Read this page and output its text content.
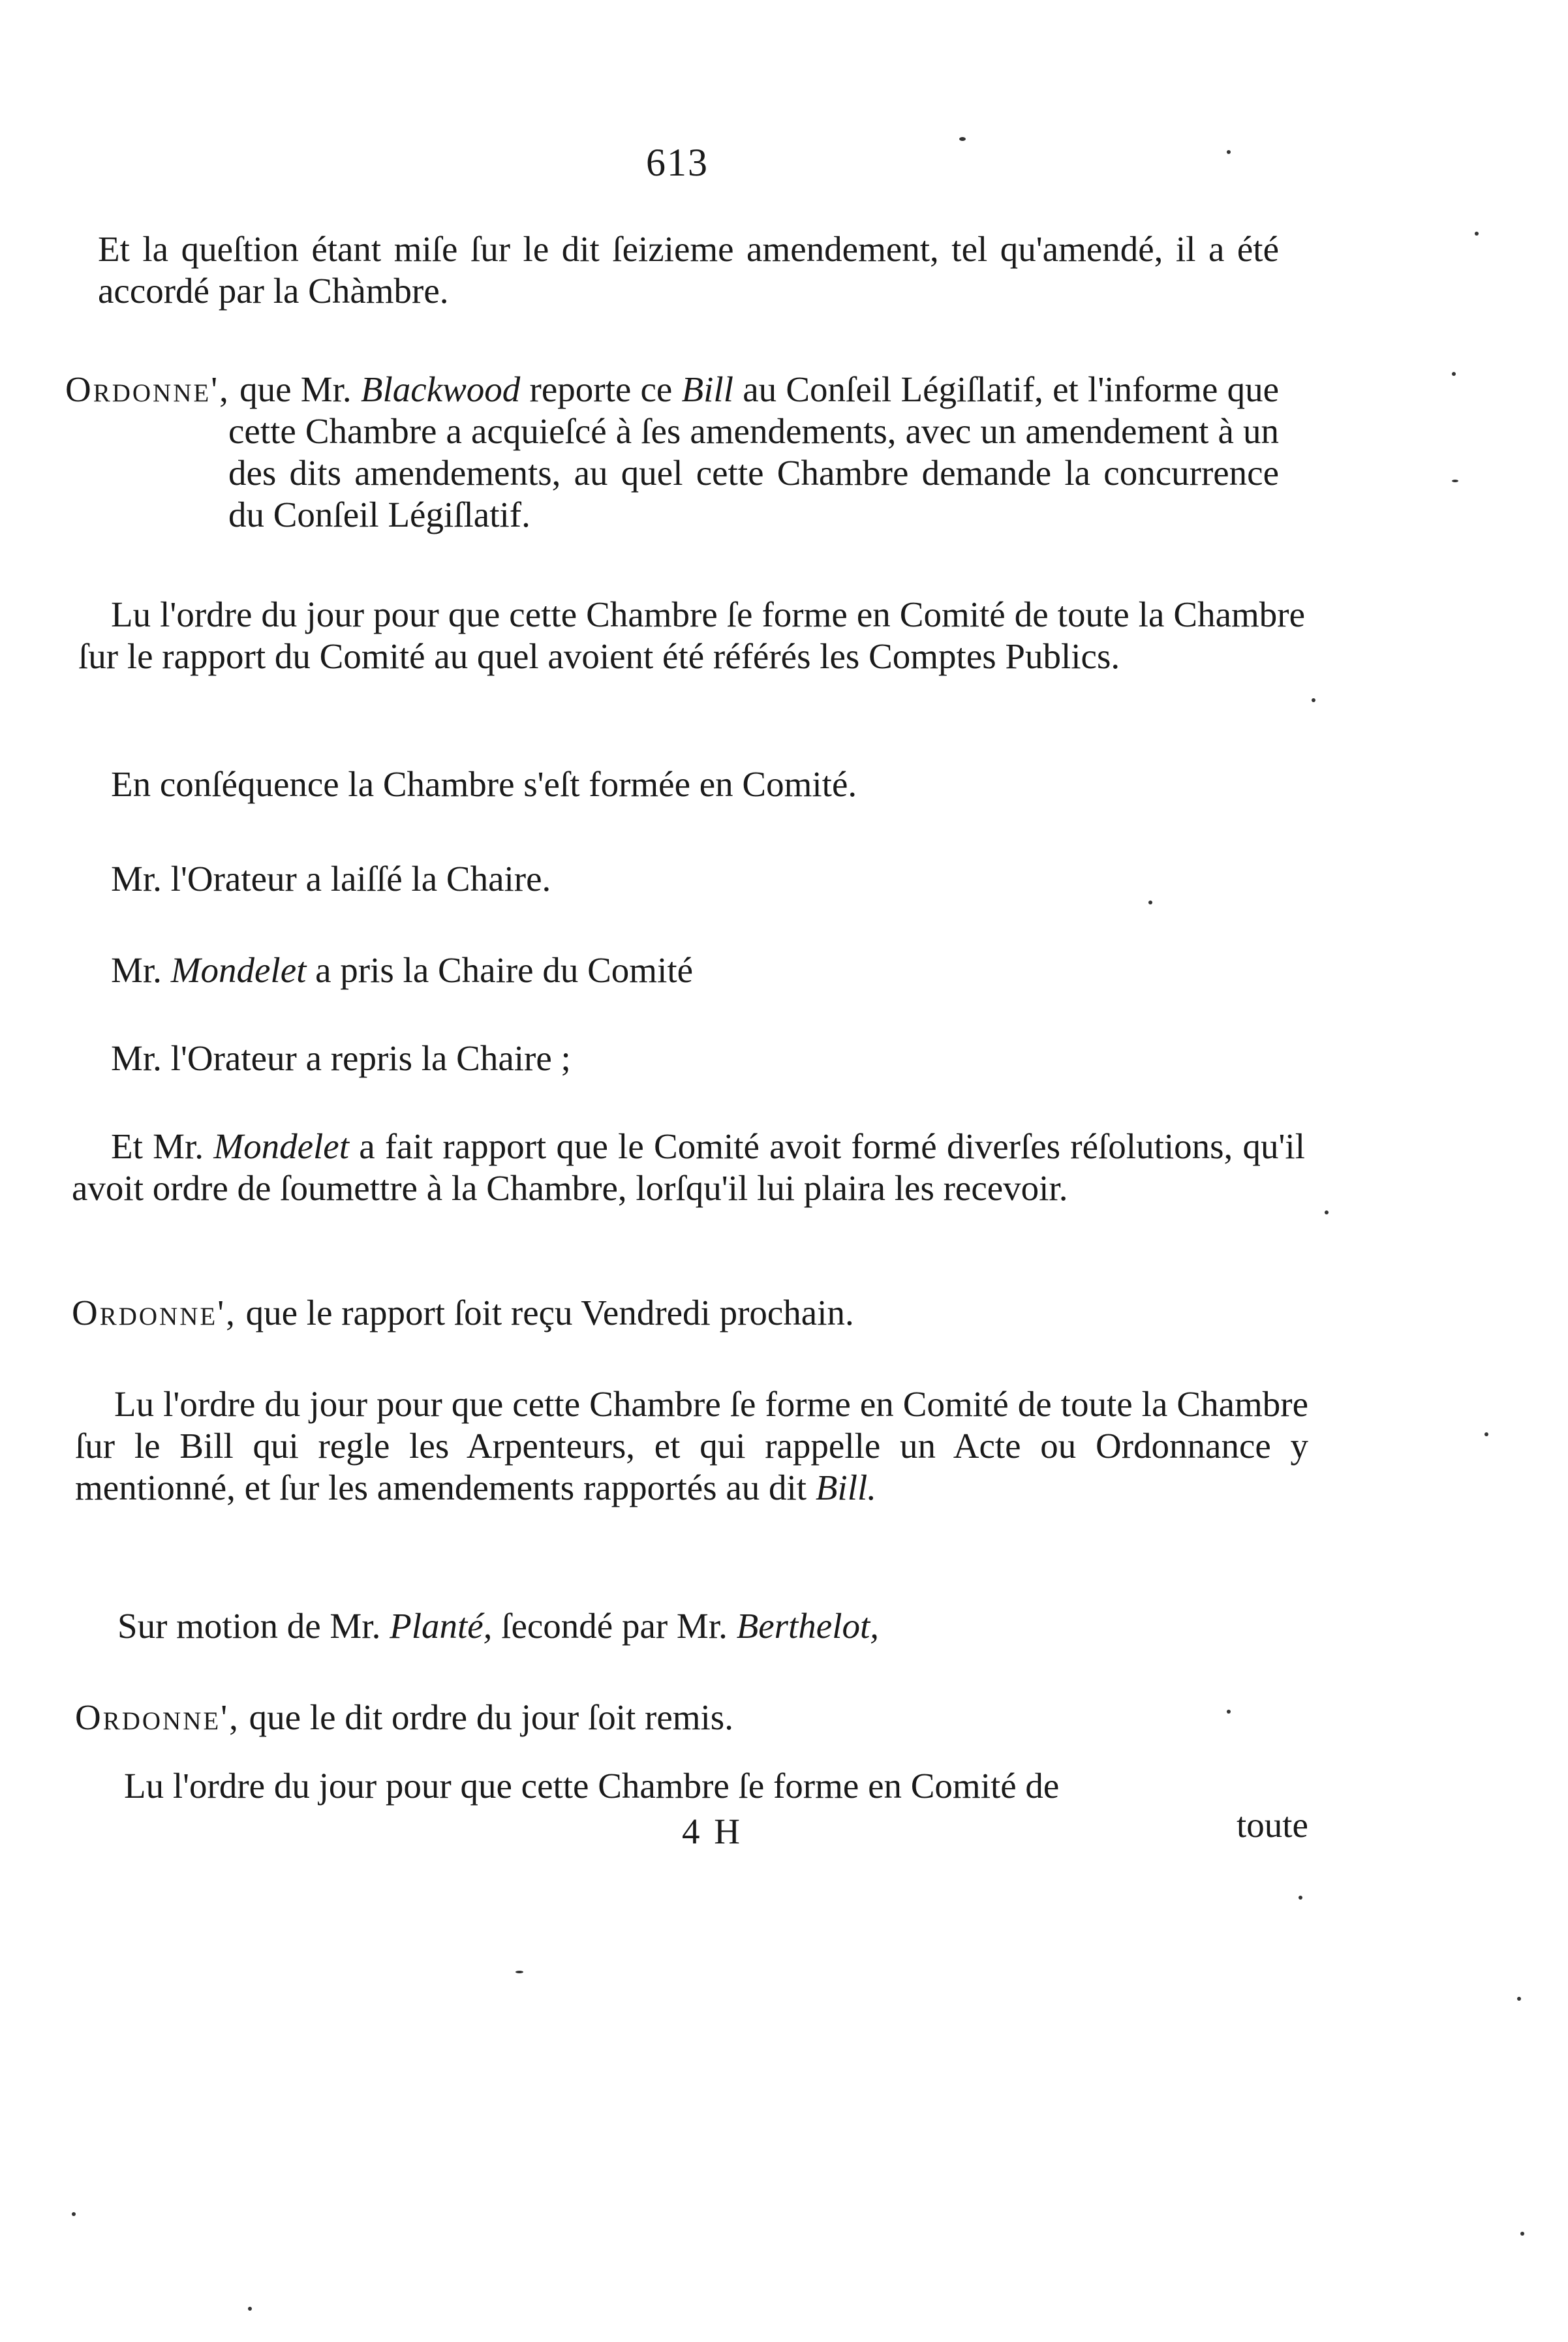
613
Et la queſtion étant miſe ſur le dit ſeizieme amendement, tel qu'amendé, il a été accordé par la Chàmbre.
Ordonne', que Mr. Blackwood reporte ce Bill au Conſeil Légiſlatif, et l'informe que cette Chambre a acquieſcé à ſes amendements, avec un amendement à un des dits amendements, au quel cette Chambre demande la concurrence du Conſeil Légiſlatif.
Lu l'ordre du jour pour que cette Chambre ſe forme en Comité de toute la Chambre ſur le rapport du Comité au quel avoient été référés les Comptes Publics.
En conſéquence la Chambre s'eſt formée en Comité.
Mr. l'Orateur a laiſſé la Chaire.
Mr. Mondelet a pris la Chaire du Comité
Mr. l'Orateur a repris la Chaire ;
Et Mr. Mondelet a fait rapport que le Comité avoit formé diverſes réſolutions, qu'il avoit ordre de ſoumettre à la Chambre, lorſqu'il lui plaira les recevoir.
Ordonne', que le rapport ſoit reçu Vendredi prochain.
Lu l'ordre du jour pour que cette Chambre ſe forme en Comité de toute la Chambre ſur le Bill qui regle les Arpenteurs, et qui rappelle un Acte ou Ordonnance y mentionné, et ſur les amendements rapportés au dit Bill.
Sur motion de Mr. Planté, ſecondé par Mr. Berthelot,
Ordonne', que le dit ordre du jour ſoit remis.
Lu l'ordre du jour pour que cette Chambre ſe forme en Comité de
4 H	toute
